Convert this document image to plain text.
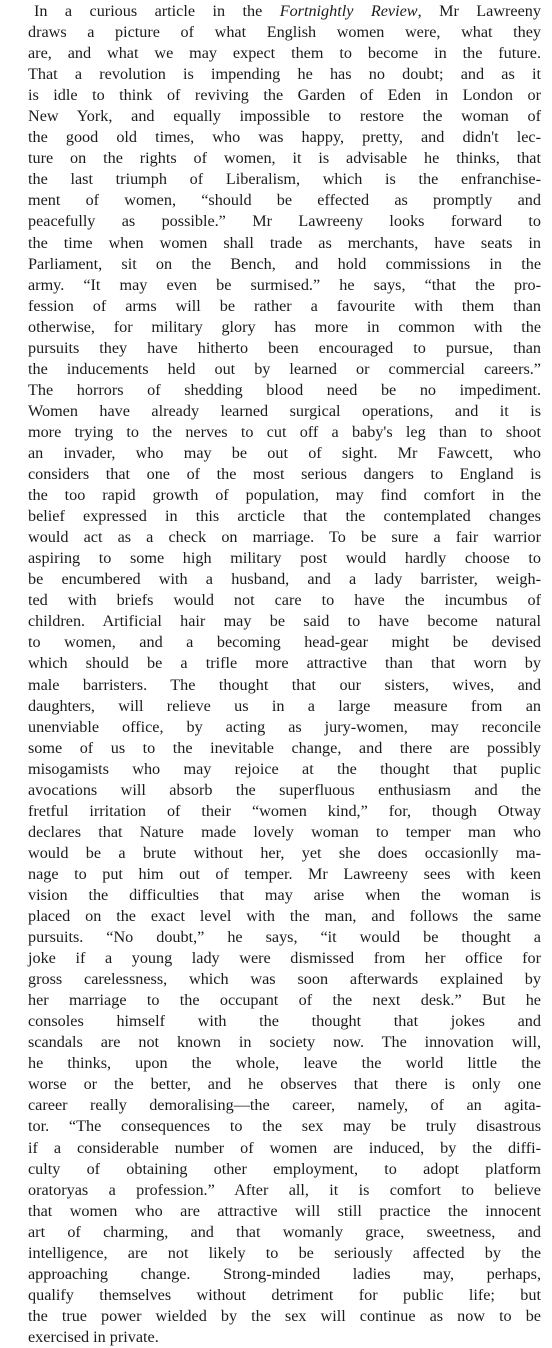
In a curious article in the Fortnightly Review, Mr Lawreeny
draws a picture of what English women were, what they
are, and what we may expect them to become in the future.
That a revolution is impending he has no doubt; and as it
is idle to think of reviving the Garden of Eden in London or
New York, and equally impossible to restore the woman of
the good old times, who was happy, pretty, and didn't lec-
ture on the rights of women, it is advisable he thinks, that
the last triumph of Liberalism, which is the enfranchise-
ment of women, “should be effected as promptly and
peacefully as possible.” Mr Lawreeny looks forward to
the time when women shall trade as merchants, have seats in
Parliament, sit on the Bench, and hold commissions in the
army. “It may even be surmised.” he says, “that the pro-
fession of arms will be rather a favourite with them than
otherwise, for military glory has more in common with the
pursuits they have hitherto been encouraged to pursue, than
the inducements held out by learned or commercial careers.”
The horrors of shedding blood need be no impediment.
Women have already learned surgical operations, and it is
more trying to the nerves to cut off a baby's leg than to shoot
an invader, who may be out of sight. Mr Fawcett, who
considers that one of the most serious dangers to England is
the too rapid growth of population, may find comfort in the
belief expressed in this arcticle that the contemplated changes
would act as a check on marriage. To be sure a fair warrior
aspiring to some high military post would hardly choose to
be encumbered with a husband, and a lady barrister, weigh-
ted with briefs would not care to have the incumbus of
children. Artificial hair may be said to have become natural
to women, and a becoming head-gear might be devised
which should be a trifle more attractive than that worn by
male barristers. The thought that our sisters, wives, and
daughters, will relieve us in a large measure from an
unenviable office, by acting as jury-women, may reconcile
some of us to the inevitable change, and there are possibly
misogamists who may rejoice at the thought that puplic
avocations will absorb the superfluous enthusiasm and the
fretful irritation of their “women kind,” for, though Otway
declares that Nature made lovely woman to temper man who
would be a brute without her, yet she does occasionlly ma-
nage to put him out of temper. Mr Lawreeny sees with keen
vision the difficulties that may arise when the woman is
placed on the exact level with the man, and follows the same
pursuits. “No doubt,” he says, “it would be thought a
joke if a young lady were dismissed from her office for
gross carelessness, which was soon afterwards explained by
her marriage to the occupant of the next desk.” But he
consoles himself with the thought that jokes and
scandals are not known in society now. The innovation will,
he thinks, upon the whole, leave the world little the
worse or the better, and he observes that there is only one
career really demoralising—the career, namely, of an agita-
tor. “The consequences to the sex may be truly disastrous
if a considerable number of women are induced, by the diffi-
culty of obtaining other employment, to adopt platform
oratoryas a profession.” After all, it is comfort to believe
that women who are attractive will still practice the innocent
art of charming, and that womanly grace, sweetness, and
intelligence, are not likely to be seriously affected by the
approaching change. Strong-minded ladies may, perhaps,
qualify themselves without detriment for public life; but
the true power wielded by the sex will continue as now to be
exercised in private.
